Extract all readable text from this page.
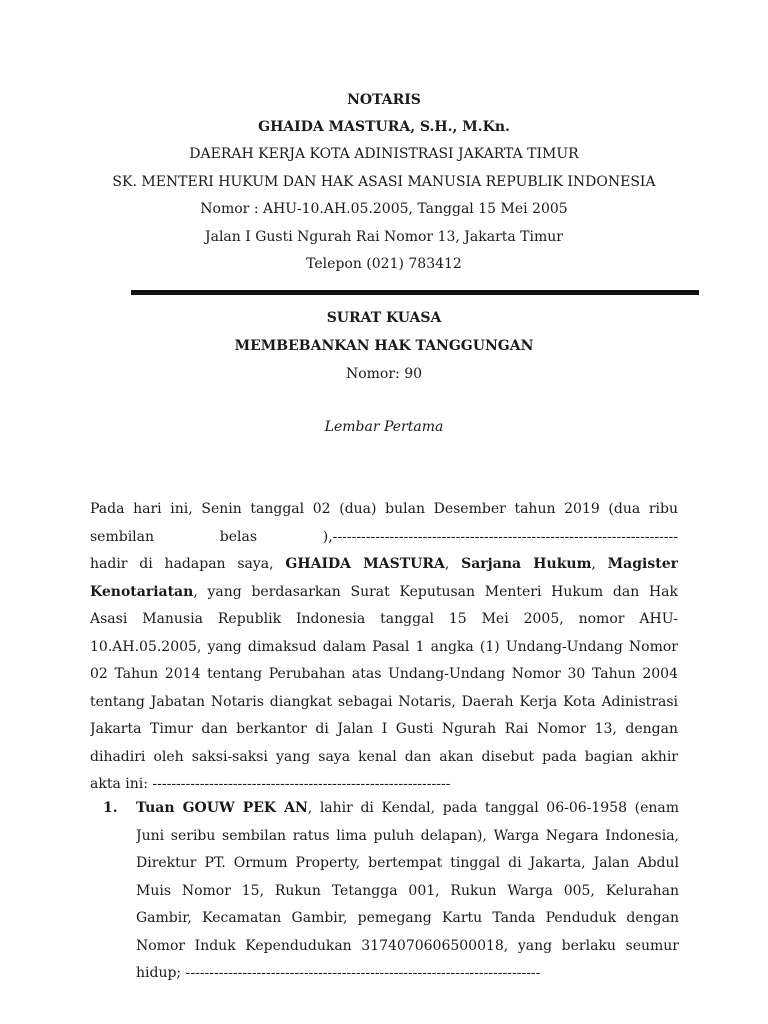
NOTARIS
GHAIDA MASTURA, S.H., M.Kn.
DAERAH KERJA KOTA ADINISTRASI JAKARTA TIMUR
SK. MENTERI HUKUM DAN HAK ASASI MANUSIA REPUBLIK INDONESIA
Nomor : AHU-10.AH.05.2005, Tanggal 15 Mei 2005
Jalan I Gusti Ngurah Rai Nomor 13, Jakarta Timur
Telepon (021) 783412
SURAT KUASA
MEMBEBANKAN HAK TANGGUNGAN
Nomor: 90
Lembar Pertama
Pada hari ini, Senin tanggal 02 (dua) bulan Desember tahun 2019 (dua ribu
sembilan belas ),-------------------------------------------------------------------------
hadir di hadapan saya, GHAIDA MASTURA, Sarjana Hukum, Magister
Kenotariatan, yang berdasarkan Surat Keputusan Menteri Hukum dan Hak
Asasi Manusia Republik Indonesia tanggal 15 Mei 2005, nomor AHU-
10.AH.05.2005, yang dimaksud dalam Pasal 1 angka (1) Undang-Undang Nomor
02 Tahun 2014 tentang Perubahan atas Undang-Undang Nomor 30 Tahun 2004
tentang Jabatan Notaris diangkat sebagai Notaris, Daerah Kerja Kota Adinistrasi
Jakarta Timur dan berkantor di Jalan I Gusti Ngurah Rai Nomor 13, dengan
dihadiri oleh saksi-saksi yang saya kenal dan akan disebut pada bagian akhir
akta ini: ---------------------------------------------------------------
1. Tuan GOUW PEK AN, lahir di Kendal, pada tanggal 06-06-1958 (enam
Juni seribu sembilan ratus lima puluh delapan), Warga Negara Indonesia,
Direktur PT. Ormum Property, bertempat tinggal di Jakarta, Jalan Abdul
Muis Nomor 15, Rukun Tetangga 001, Rukun Warga 005, Kelurahan
Gambir, Kecamatan Gambir, pemegang Kartu Tanda Penduduk dengan
Nomor Induk Kependudukan 3174070606500018, yang berlaku seumur
hidup; ---------------------------------------------------------------------------
